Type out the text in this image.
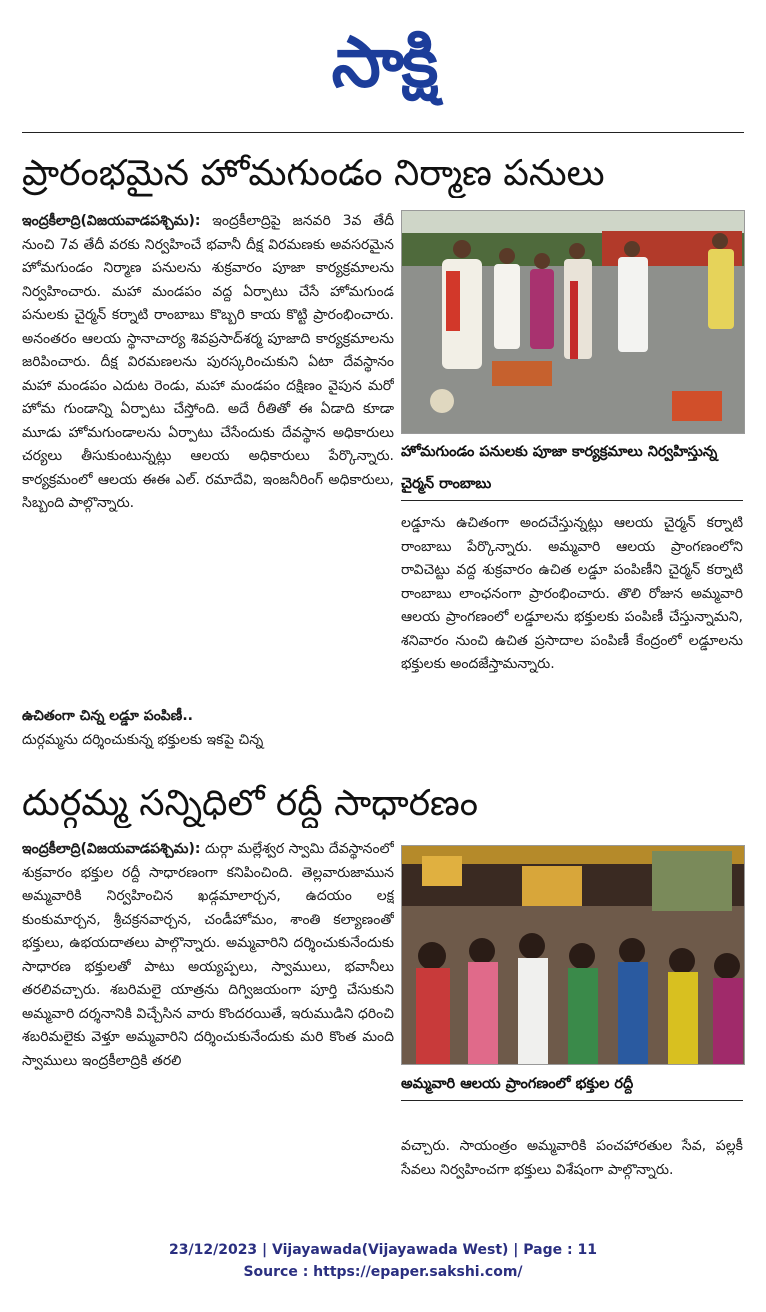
సాక్షి
ప్రారంభమైన హోమగుండం నిర్మాణ పనులు

ఇంద్రకీలాద్రి(విజయవాడపశ్చిమ): ఇంద్రకీలాద్రిపై జనవరి 3వ తేదీ నుంచి 7వ తేదీ వరకు నిర్వహించే భవానీ దీక్ష విరమణకు అవసరమైన హోమగుండం నిర్మాణ పనులను శుక్రవారం పూజా కార్యక్రమాలను నిర్వహించారు. మహా మండపం వద్ద ఏర్పాటు చేసే హోమగుండ పనులకు చైర్మన్ కర్నాటి రాంబాబు కొబ్బరి కాయ కొట్టి ప్రారంభించారు. అనంతరం ఆలయ స్థానాచార్య శివప్రసాద్‌శర్మ పూజాది కార్యక్రమాలను జరిపించారు. దీక్ష విరమణలను పురస్కరించుకుని ఏటా దేవస్థానం మహా మండపం ఎదుట రెండు, మహా మండపం దక్షిణం వైపున మరో హోమ గుండాన్ని ఏర్పాటు చేస్తోంది. అదే రీతితో ఈ ఏడాది కూడా మూడు హోమగుండాలను ఏర్పాటు చేసేందుకు దేవస్థాన అధికారులు చర్యలు తీసుకుంటున్నట్లు ఆలయ అధికారులు పేర్కొన్నారు. కార్యక్రమంలో ఆలయ ఈఈ ఎల్. రమాదేవి, ఇంజనీరింగ్ అధికారులు, సిబ్బంది పాల్గొన్నారు.

ఉచితంగా చిన్న లడ్డూ పంపిణీ..

దుర్గమ్మను దర్శించుకున్న భక్తులకు ఇకపై చిన్న

హోమగుండం పనులకు పూజా కార్యక్రమాలు నిర్వహిస్తున్న చైర్మన్ రాంబాబు

లడ్డూను ఉచితంగా అందచేస్తున్నట్లు ఆలయ చైర్మన్ కర్నాటి రాంబాబు పేర్కొన్నారు. అమ్మవారి ఆలయ ప్రాంగణంలోని రావిచెట్టు వద్ద శుక్రవారం ఉచిత లడ్డూ పంపిణీని చైర్మన్ కర్నాటి రాంబాబు లాంఛనంగా ప్రారంభించారు. తొలి రోజున అమ్మవారి ఆలయ ప్రాంగణంలో లడ్డూలను భక్తులకు పంపిణీ చేస్తున్నామని, శనివారం నుంచి ఉచిత ప్రసాదాల పంపిణీ కేంద్రంలో లడ్డూలను భక్తులకు అందజేస్తామన్నారు.

దుర్గమ్మ సన్నిధిలో రద్దీ సాధారణం

ఇంద్రకీలాద్రి(విజయవాడపశ్చిమ): దుర్గా మల్లేశ్వర స్వామి దేవస్థానంలో శుక్రవారం భక్తుల రద్దీ సాధారణంగా కనిపించింది. తెల్లవారుజామున అమ్మవారికి నిర్వహించిన ఖడ్గమాలార్చన, ఉదయం లక్ష కుంకుమార్చన, శ్రీచక్రనవార్చన, చండీహోమం, శాంతి కల్యాణంతో భక్తులు, ఉభయదాతలు పాల్గొన్నారు. అమ్మవారిని దర్శించుకునేందుకు సాధారణ భక్తులతో పాటు అయ్యప్పలు, స్వాములు, భవానీలు తరలివచ్చారు. శబరిమలై యాత్రను దిగ్విజయంగా పూర్తి చేసుకుని అమ్మవారి దర్శనానికి విచ్చేసిన వారు కొందరయితే, ఇరుముడిని ధరించి శబరిమలైకు వెళ్తూ అమ్మవారిని దర్శించుకునేందుకు మరి కొంత మంది స్వాములు ఇంద్రకీలాద్రికి తరలి

అమ్మవారి ఆలయ ప్రాంగణంలో భక్తుల రద్దీ

వచ్చారు. సాయంత్రం అమ్మవారికి పంచహారతుల సేవ, పల్లకీ సేవలు నిర్వహించగా భక్తులు విశేషంగా పాల్గొన్నారు.

23/12/2023 | Vijayawada(Vijayawada West) | Page : 11
Source : https://epaper.sakshi.com/
